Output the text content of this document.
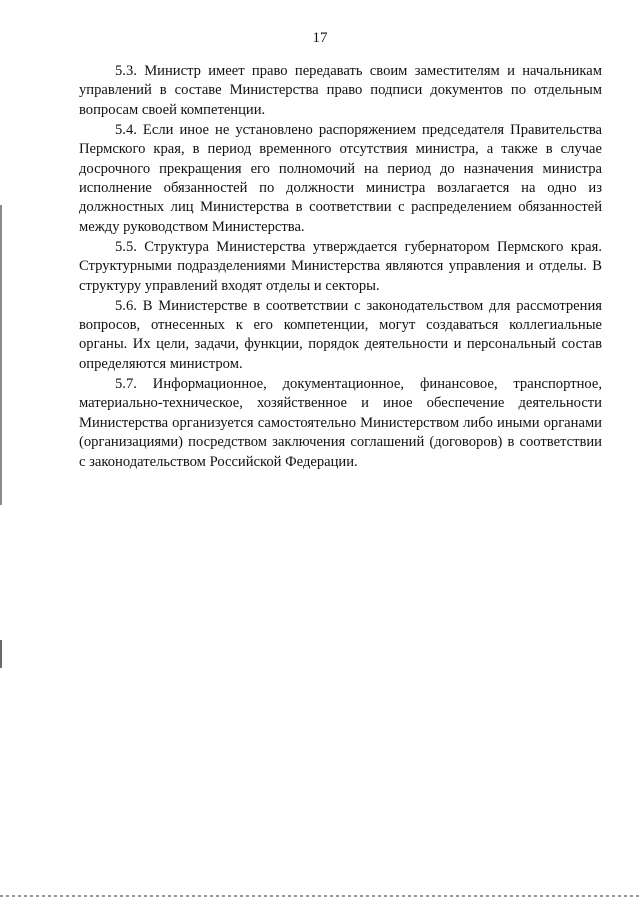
17

5.3. Министр имеет право передавать своим заместителям и начальникам управлений в составе Министерства право подписи документов по отдельным вопросам своей компетенции.

5.4. Если иное не установлено распоряжением председателя Правительства Пермского края, в период временного отсутствия министра, а также в случае досрочного прекращения его полномочий на период до назначения министра исполнение обязанностей по должности министра возлагается на одно из должностных лиц Министерства в соответствии с распределением обязанностей между руководством Министерства.

5.5. Структура Министерства утверждается губернатором Пермского края. Структурными подразделениями Министерства являются управления и отделы. В структуру управлений входят отделы и секторы.

5.6. В Министерстве в соответствии с законодательством для рассмотрения вопросов, отнесенных к его компетенции, могут создаваться коллегиальные органы. Их цели, задачи, функции, порядок деятельности и персональный состав определяются министром.

5.7. Информационное, документационное, финансовое, транспортное, материально-техническое, хозяйственное и иное обеспечение деятельности Министерства организуется самостоятельно Министерством либо иными органами (организациями) посредством заключения соглашений (договоров) в соответствии с законодательством Российской Федерации.
